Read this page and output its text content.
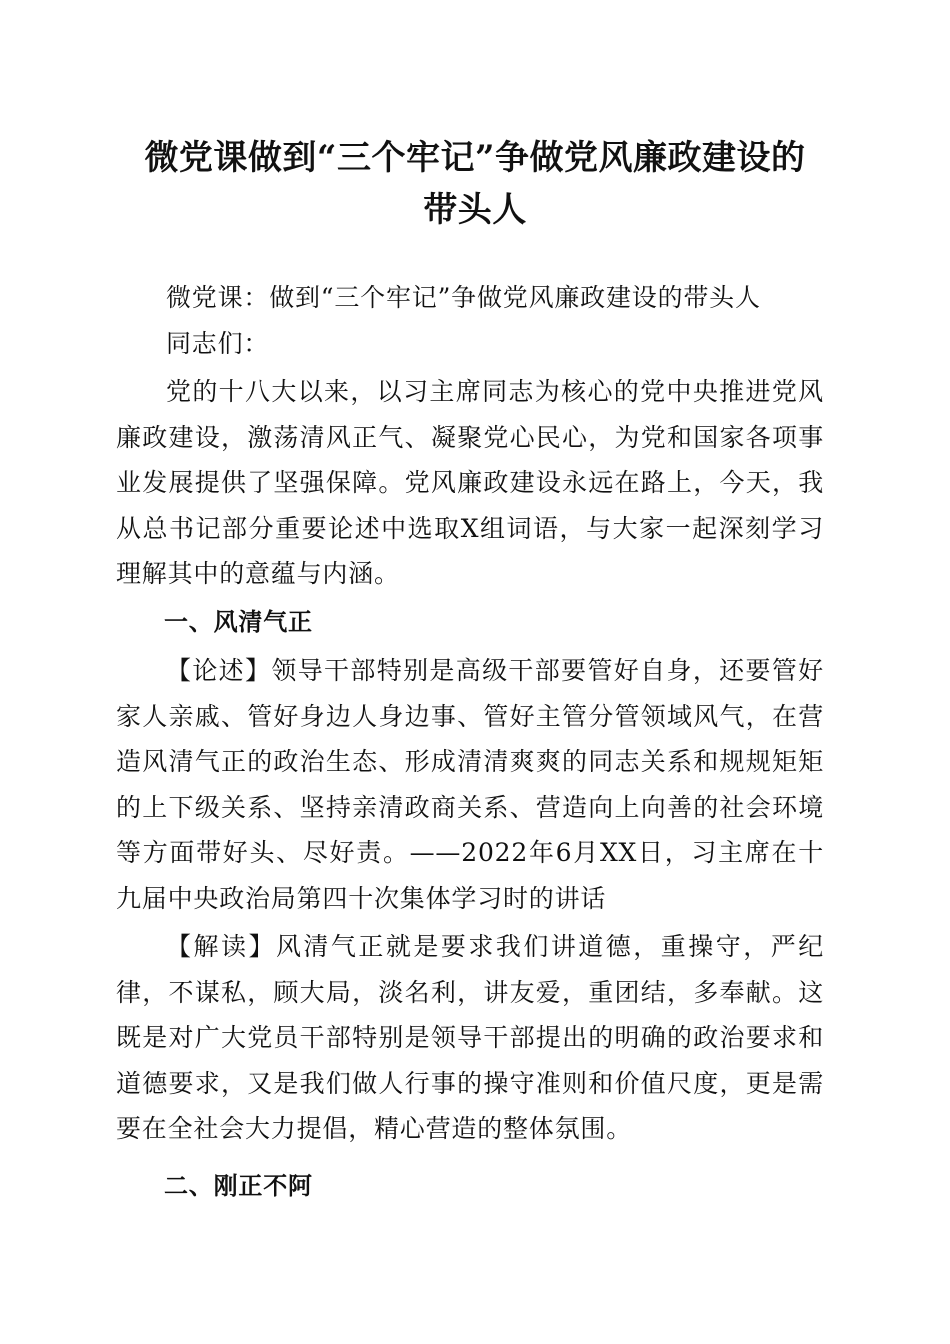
微党课做到“三个牢记”争做党风廉政建设的
带头人

微党课：做到“三个牢记”争做党风廉政建设的带头人

同志们：

党的十八大以来，以习主席同志为核心的党中央推进党风廉政建设，激荡清风正气、凝聚党心民心，为党和国家各项事业发展提供了坚强保障。党风廉政建设永远在路上，今天，我从总书记部分重要论述中选取X组词语，与大家一起深刻学习理解其中的意蕴与内涵。

一、风清气正

【论述】领导干部特别是高级干部要管好自身，还要管好家人亲戚、管好身边人身边事、管好主管分管领域风气，在营造风清气正的政治生态、形成清清爽爽的同志关系和规规矩矩的上下级关系、坚持亲清政商关系、营造向上向善的社会环境等方面带好头、尽好责。——2022年6月XX日，习主席在十九届中央政治局第四十次集体学习时的讲话

【解读】风清气正就是要求我们讲道德，重操守，严纪律，不谋私，顾大局，淡名利，讲友爱，重团结，多奉献。这既是对广大党员干部特别是领导干部提出的明确的政治要求和道德要求，又是我们做人行事的操守准则和价值尺度，更是需要在全社会大力提倡，精心营造的整体氛围。

二、刚正不阿
